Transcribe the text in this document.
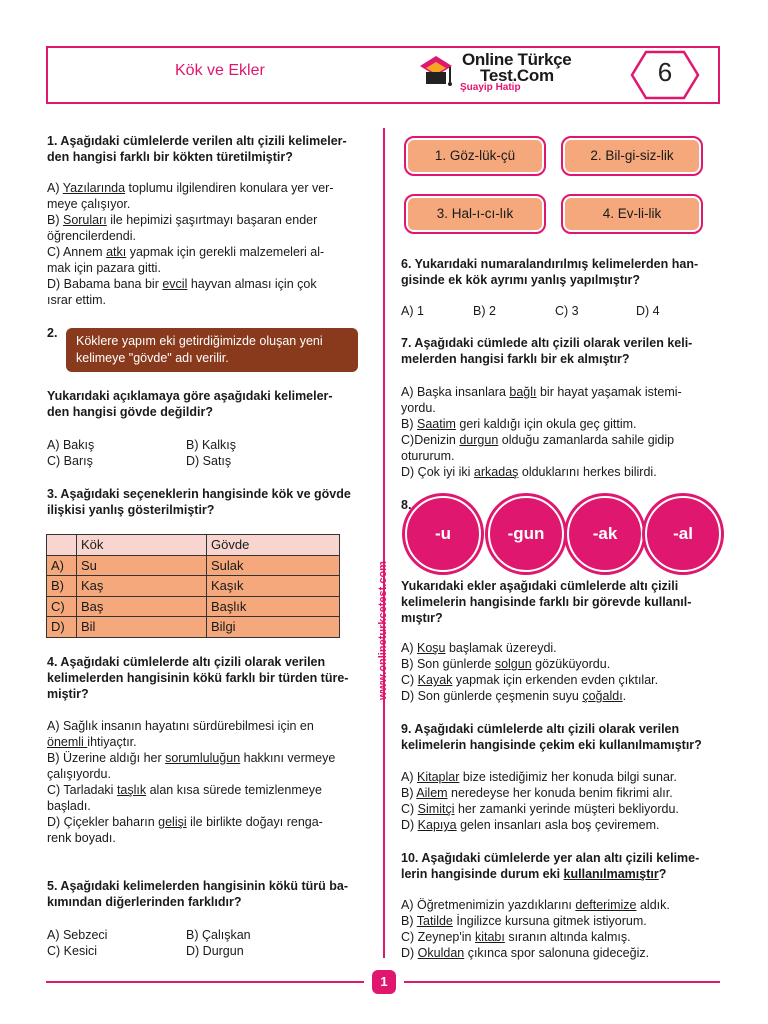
Kök ve Ekler
Online Türkçe
Test.Com
Şuayip Hatip
6
www.onlineturkcetest.com
1. Aşağıdaki cümlelerde verilen altı çizili kelimeler-
den hangisi farklı bir kökten türetilmiştir?
A) Yazılarında toplumu ilgilendiren konulara yer ver-
meye çalışıyor.
B) Soruları ile hepimizi şaşırtmayı başaran ender
öğrencilerdendi.
C) Annem atkı yapmak için gerekli malzemeleri al-
mak için pazara gitti.
D) Babama bana bir evcil hayvan alması için çok
ısrar ettim.
2.
Köklere yapım eki getirdiğimizde oluşan yeni
kelimeye "gövde" adı verilir.
Yukarıdaki açıklamaya göre aşağıdaki kelimeler-
den hangisi gövde değildir?
A) Bakış	B) Kalkış
C) Barış	D) Satış
3. Aşağıdaki seçeneklerin hangisinde kök ve gövde
ilişkisi yanlış gösterilmiştir?
	Kök	Gövde
A)	Su	Sulak
B)	Kaş	Kaşık
C)	Baş	Başlık
D)	Bil	Bilgi
4. Aşağıdaki cümlelerde altı çizili olarak verilen
kelimelerden hangisinin kökü farklı bir türden türe-
miştir?
A) Sağlık insanın hayatını sürdürebilmesi için en
önemli ihtiyaçtır.
B) Üzerine aldığı her sorumluluğun hakkını vermeye
çalışıyordu.
C) Tarladaki taşlık alan kısa sürede temizlenmeye
başladı.
D) Çiçekler baharın gelişi ile birlikte doğayı renga-
renk boyadı.
5. Aşağıdaki kelimelerden hangisinin kökü türü ba-
kımından diğerlerinden farklıdır?
A) Sebzeci	B) Çalışkan
C) Kesici	D) Durgun
1. Göz-lük-çü	2. Bil-gi-siz-lik
3. Hal-ı-cı-lık	4. Ev-li-lik
6. Yukarıdaki numaralandırılmış kelimelerden han-
gisinde ek kök ayrımı yanlış yapılmıştır?
A) 1	B) 2	C) 3	D) 4
7. Aşağıdaki cümlede altı çizili olarak verilen keli-
melerden hangisi farklı bir ek almıştır?
A) Başka insanlara bağlı bir hayat yaşamak istemi-
yordu.
B) Saatim geri kaldığı için okula geç gittim.
C)Denizin durgun olduğu zamanlarda sahile gidip
otururum.
D) Çok iyi iki arkadaş olduklarını herkes bilirdi.
8.
-u	-gun	-ak	-al
Yukarıdaki ekler aşağıdaki cümlelerde altı çizili
kelimelerin hangisinde farklı bir görevde kullanıl-
mıştır?
A) Koşu başlamak üzereydi.
B) Son günlerde solgun gözüküyordu.
C) Kayak yapmak için erkenden evden çıktılar.
D) Son günlerde çeşmenin suyu çoğaldı.
9. Aşağıdaki cümlelerde altı çizili olarak verilen
kelimelerin hangisinde çekim eki kullanılmamıştır?
A) Kitaplar bize istediğimiz her konuda bilgi sunar.
B) Ailem neredeyse her konuda benim fikrimi alır.
C) Simitçi her zamanki yerinde müşteri bekliyordu.
D) Kapıya gelen insanları asla boş çeviremem.
10. Aşağıdaki cümlelerde yer alan altı çizili kelime-
lerin hangisinde durum eki kullanılmamıştır?
A) Öğretmenimizin yazdıklarını defterimize aldık.
B) Tatilde İngilizce kursuna gitmek istiyorum.
C) Zeynep'in kitabı sıranın altında kalmış.
D) Okuldan çıkınca spor salonuna gideceğiz.
1
